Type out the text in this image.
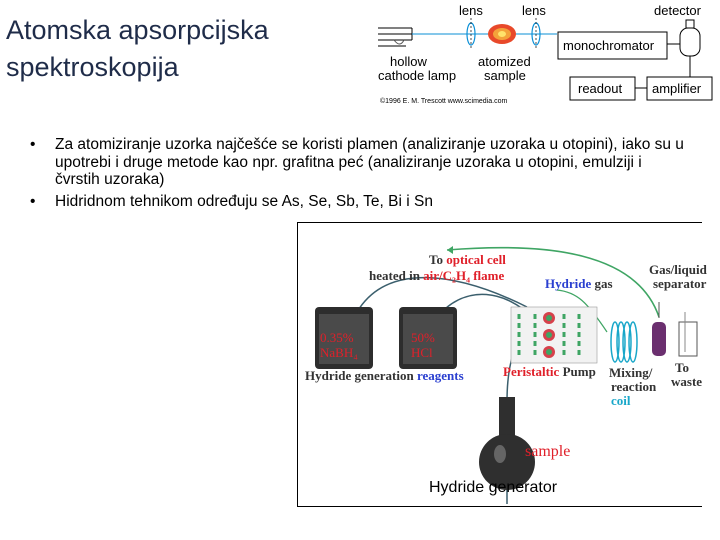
Atomska apsorpcijska spektroskopija
• Za atomiziranje uzorka najčešće se koristi plamen (analiziranje uzoraka u otopini), iako su u upotrebi i druge metode kao npr. grafitna peć (analiziranje uzoraka u otopini, emulziji i čvrstih uzoraka)
• Hidridnom tehnikom određuju se As, Se, Sb, Te, Bi i Sn
monochromator
detector
lens	lens
hollow
cathode lamp
atomized
sample
readout amplifier
©1996 E. M. Trescott www.scimedia.com
0.35%
NaBH₄
50%
HCl
To optical cell
heated in air/C₂H₄ flame
Hydride gas
Gas/liquid
separator
Hydride generation reagents	Peristaltic Pump Mixing/
reaction
coil
To
waste
sample
Hydride generator
